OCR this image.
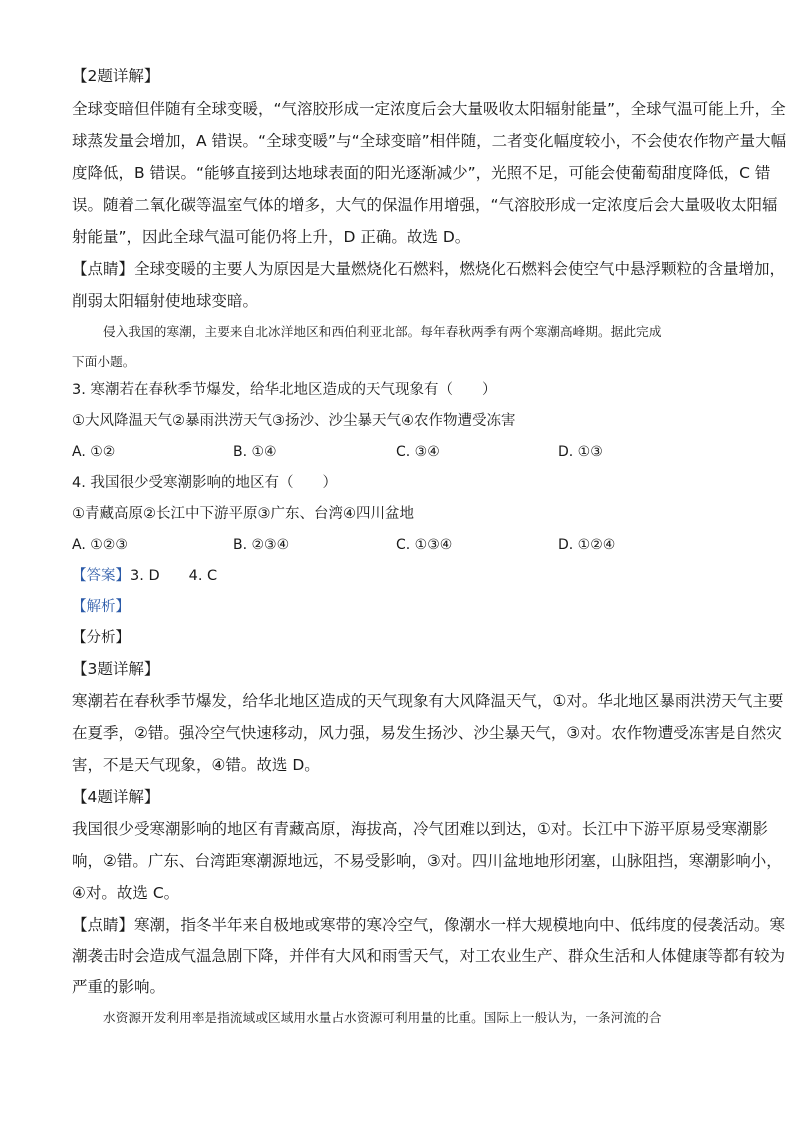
【2题详解】
全球变暗但伴随有全球变暖，“气溶胶形成一定浓度后会大量吸收太阳辐射能量”，全球气温可能上升，全
球蒸发量会增加，A 错误。“全球变暖”与“全球变暗”相伴随，二者变化幅度较小，不会使农作物产量大幅
度降低，B 错误。“能够直接到达地球表面的阳光逐渐减少”，光照不足，可能会使葡萄甜度降低，C 错
误。随着二氧化碳等温室气体的增多，大气的保温作用增强，“气溶胶形成一定浓度后会大量吸收太阳辐
射能量”，因此全球气温可能仍将上升，D 正确。故选 D。
【点睛】全球变暖的主要人为原因是大量燃烧化石燃料，燃烧化石燃料会使空气中悬浮颗粒的含量增加，
削弱太阳辐射使地球变暗。
侵入我国的寒潮，主要来自北冰洋地区和西伯利亚北部。每年春秋两季有两个寒潮高峰期。据此完成
下面小题。
3. 寒潮若在春秋季节爆发，给华北地区造成的天气现象有（　　）
①大风降温天气②暴雨洪涝天气③扬沙、沙尘暴天气④农作物遭受冻害
A. ①②	B. ①④	C. ③④	D. ①③
4. 我国很少受寒潮影响的地区有（　　）
①青藏高原②长江中下游平原③广东、台湾④四川盆地
A. ①②③	B. ②③④	C. ①③④	D. ①②④
【答案】3. D　　4. C
【解析】
【分析】
【3题详解】
寒潮若在春秋季节爆发，给华北地区造成的天气现象有大风降温天气，①对。华北地区暴雨洪涝天气主要
在夏季，②错。强冷空气快速移动，风力强，易发生扬沙、沙尘暴天气，③对。农作物遭受冻害是自然灾
害，不是天气现象，④错。故选 D。
【4题详解】
我国很少受寒潮影响的地区有青藏高原，海拔高，冷气团难以到达，①对。长江中下游平原易受寒潮影
响，②错。广东、台湾距寒潮源地远，不易受影响，③对。四川盆地地形闭塞，山脉阻挡，寒潮影响小，
④对。故选 C。
【点睛】寒潮，指冬半年来自极地或寒带的寒冷空气，像潮水一样大规模地向中、低纬度的侵袭活动。寒
潮袭击时会造成气温急剧下降，并伴有大风和雨雪天气，对工农业生产、群众生活和人体健康等都有较为
严重的影响。
水资源开发利用率是指流域或区域用水量占水资源可利用量的比重。国际上一般认为，一条河流的合
